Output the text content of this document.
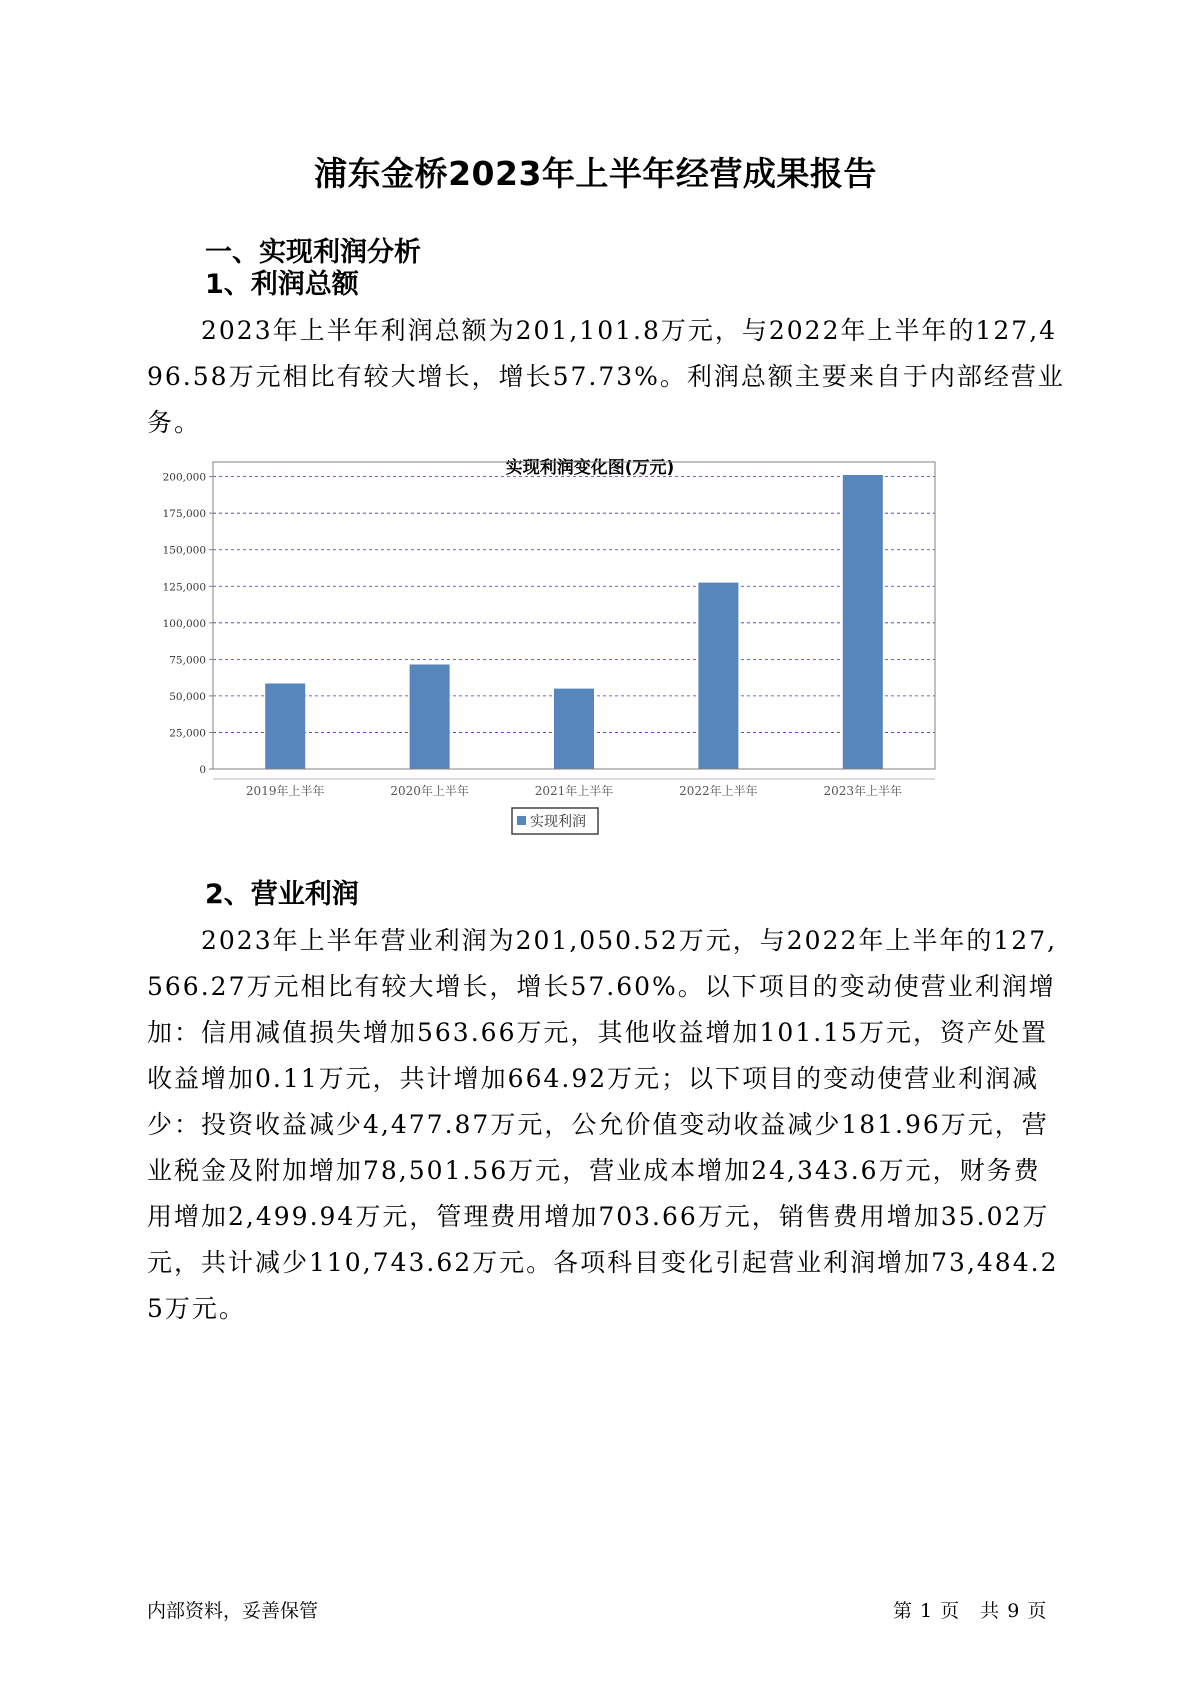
浦东金桥2023年上半年经营成果报告
一、实现利润分析
1、利润总额

2023年上半年利润总额为201,101.8万元，与2022年上半年的127,496.58万元相比有较大增长，增长57.73%。利润总额主要来自于内部经营业务。

实现利润变化图(万元)
0
25,000
50,000
75,000
100,000
125,000
150,000
175,000
200,000
2019年上半年	2020年上半年	2021年上半年	2022年上半年	2023年上半年
实现利润
2、营业利润

2023年上半年营业利润为201,050.52万元，与2022年上半年的127,566.27万元相比有较大增长，增长57.60%。以下项目的变动使营业利润增加：信用减值损失增加563.66万元，其他收益增加101.15万元，资产处置收益增加0.11万元，共计增加664.92万元；以下项目的变动使营业利润减少：投资收益减少4,477.87万元，公允价值变动收益减少181.96万元，营业税金及附加增加78,501.56万元，营业成本增加24,343.6万元，财务费用增加2,499.94万元，管理费用增加703.66万元，销售费用增加35.02万元，共计减少110,743.62万元。各项科目变化引起营业利润增加73,484.25万元。

内部资料，妥善保管	第 1 页　共 9 页
